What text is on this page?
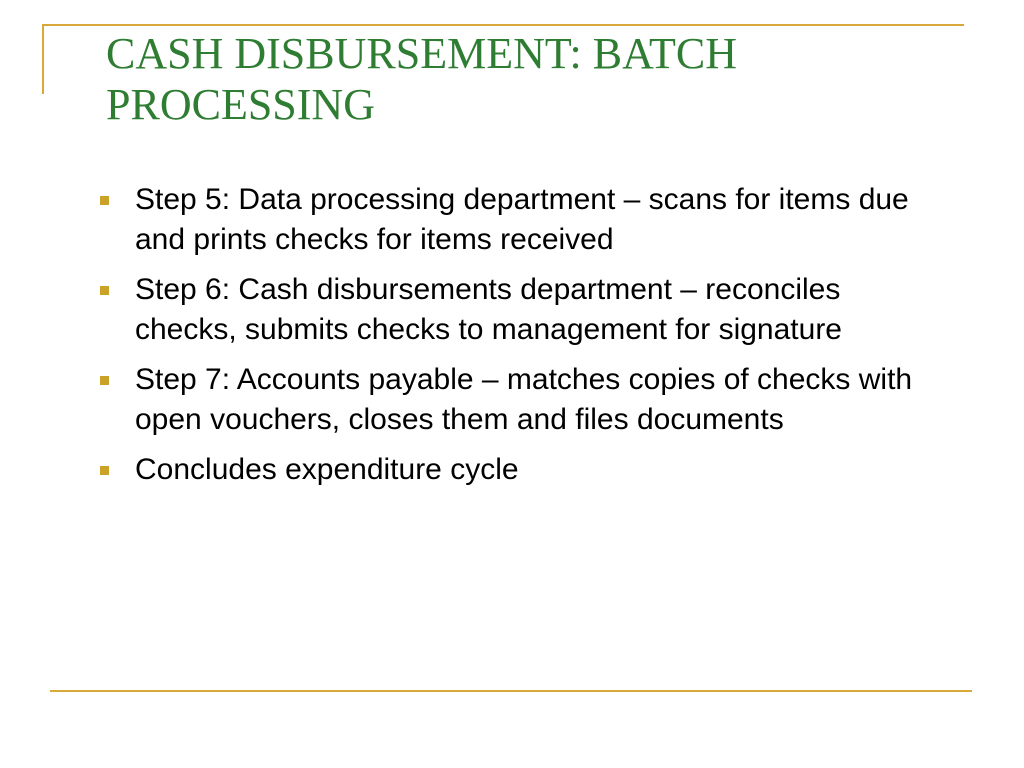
CASH DISBURSEMENT: BATCH PROCESSING
Step 5: Data processing department – scans for items due and prints checks for items received
Step 6: Cash disbursements department – reconciles checks, submits checks to management for signature
Step 7: Accounts payable – matches copies of checks with open vouchers, closes them and files documents
Concludes expenditure cycle
